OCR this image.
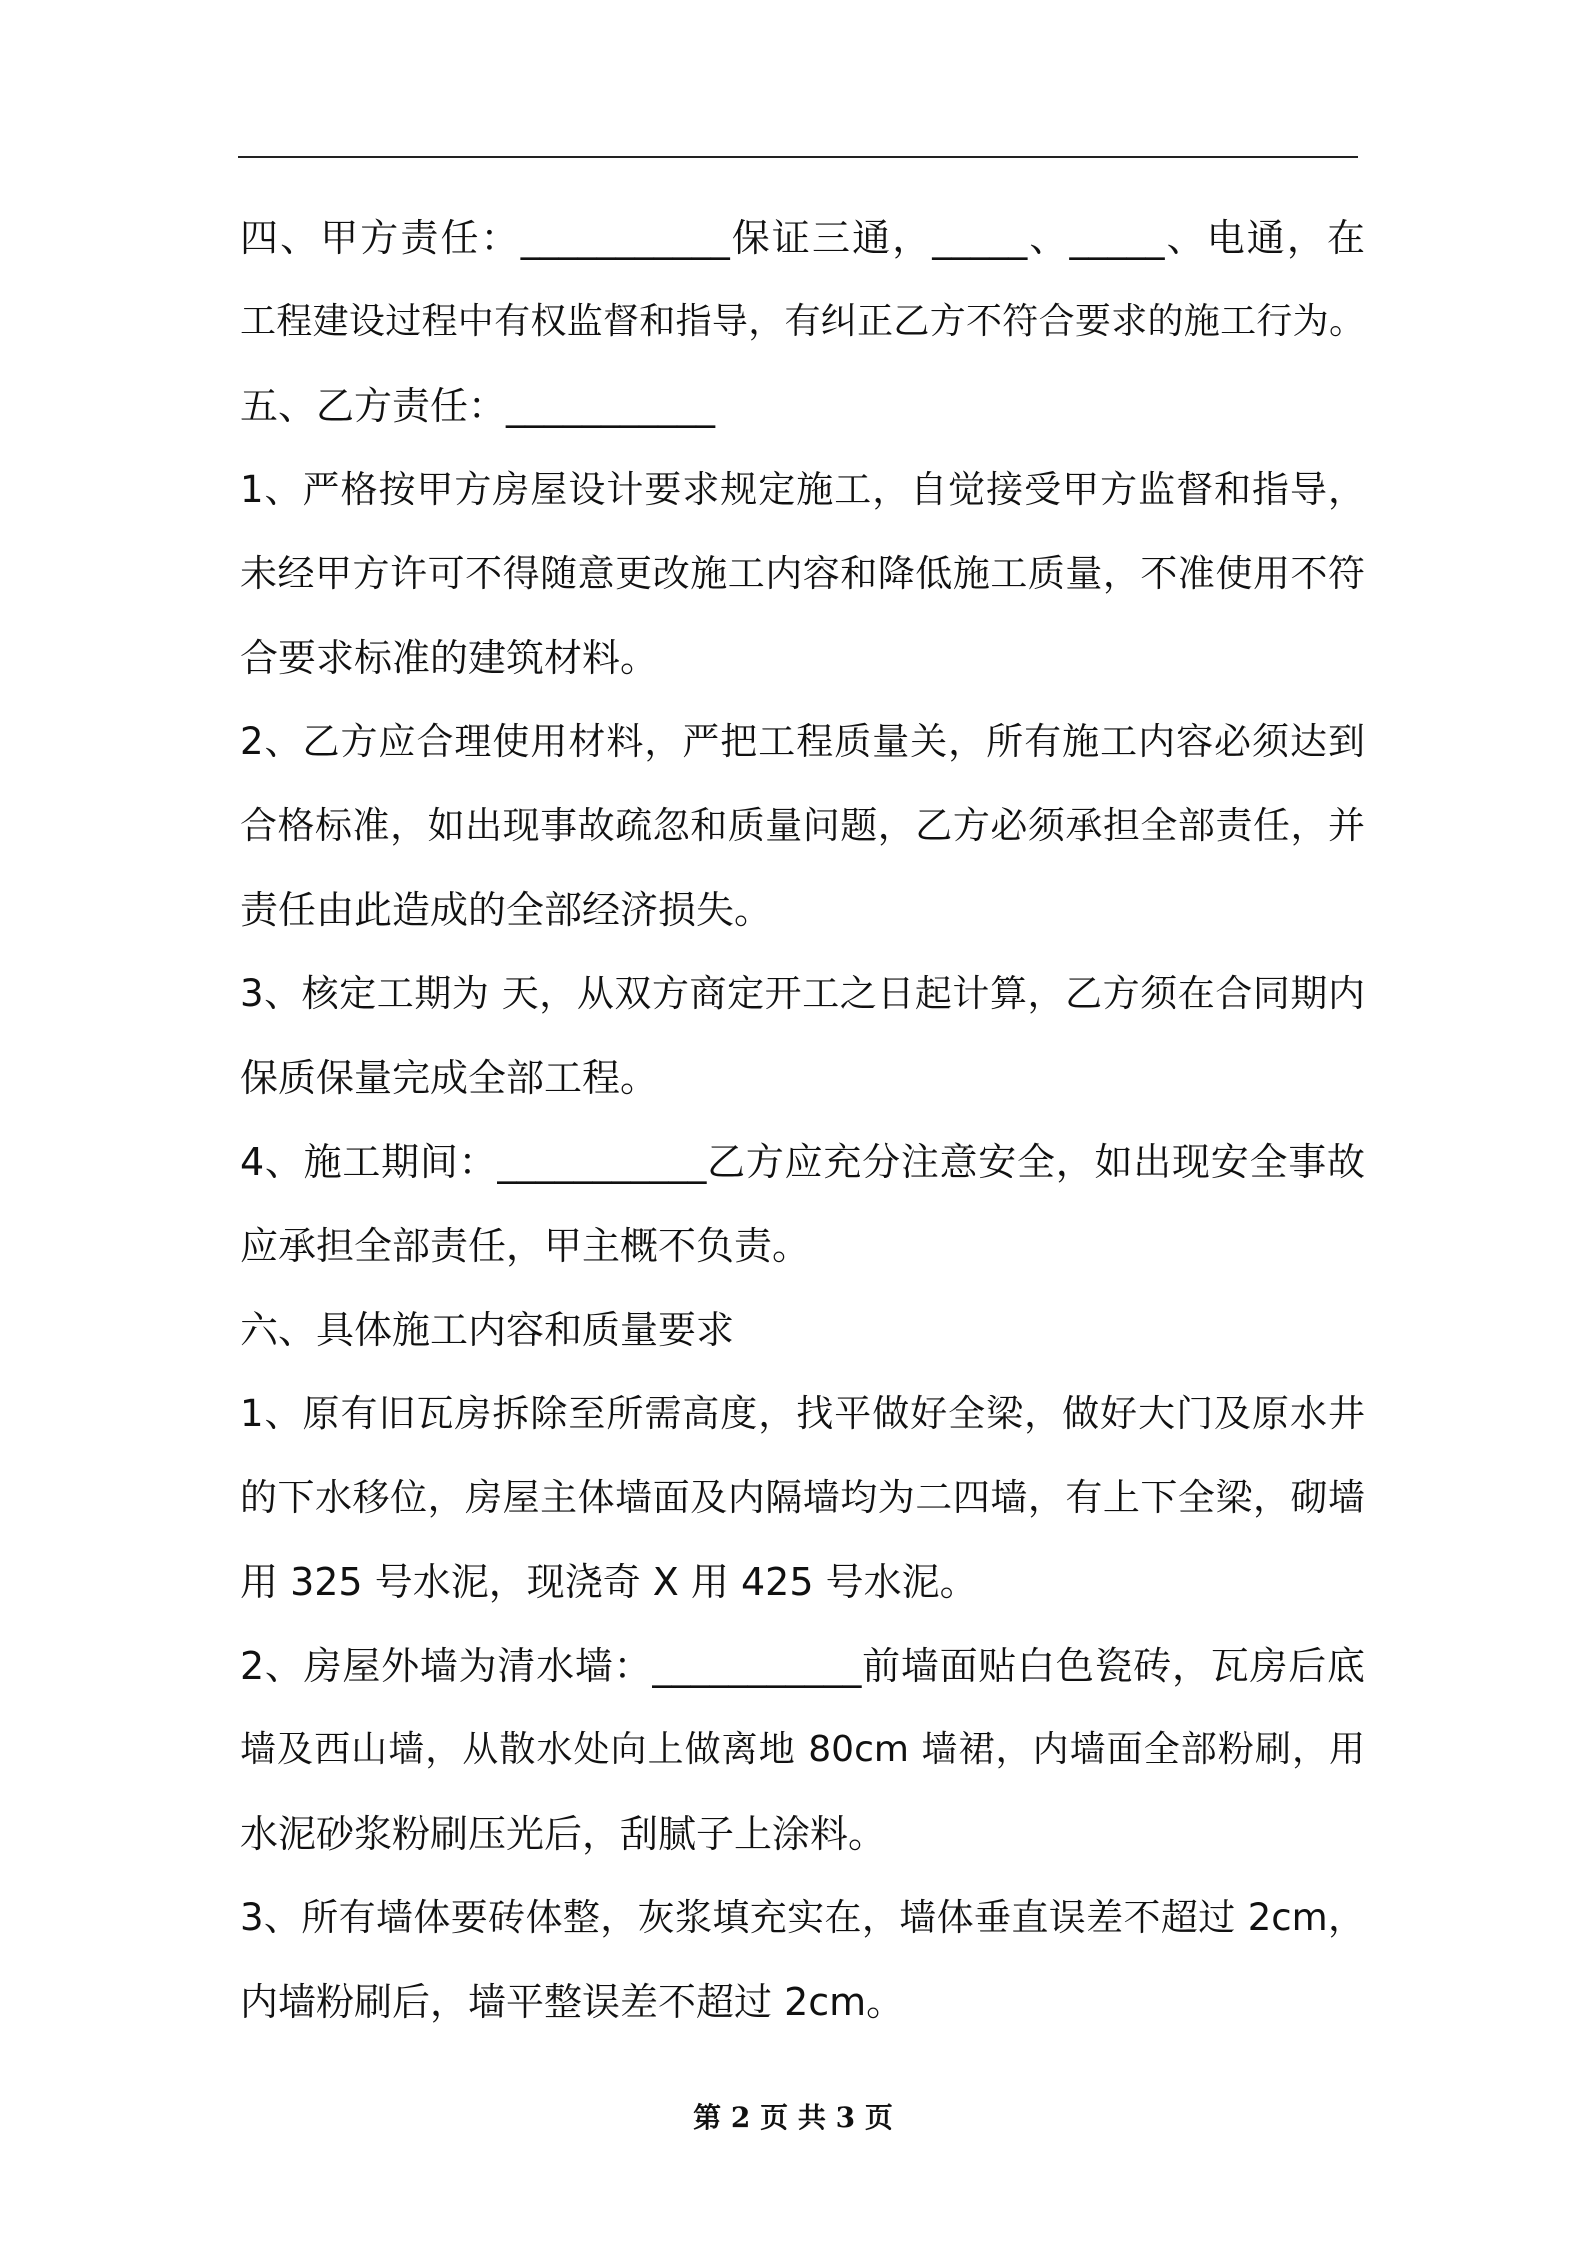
四、甲方责任：___________保证三通，_____、_____、电通，在
工程建设过程中有权监督和指导，有纠正乙方不符合要求的施工行为。
五、乙方责任：___________
1、严格按甲方房屋设计要求规定施工，自觉接受甲方监督和指导，
未经甲方许可不得随意更改施工内容和降低施工质量，不准使用不符
合要求标准的建筑材料。
2、乙方应合理使用材料，严把工程质量关，所有施工内容必须达到
合格标准，如出现事故疏忽和质量问题，乙方必须承担全部责任，并
责任由此造成的全部经济损失。
3、核定工期为 天，从双方商定开工之日起计算，乙方须在合同期内
保质保量完成全部工程。
4、施工期间：___________乙方应充分注意安全，如出现安全事故
应承担全部责任，甲主概不负责。
六、具体施工内容和质量要求
1、原有旧瓦房拆除至所需高度，找平做好全梁，做好大门及原水井
的下水移位，房屋主体墙面及内隔墙均为二四墙，有上下全梁，砌墙
用 325 号水泥，现浇奇 X 用 425 号水泥。
2、房屋外墙为清水墙：___________前墙面贴白色瓷砖，瓦房后底
墙及西山墙，从散水处向上做离地 80cm 墙裙，内墙面全部粉刷，用
水泥砂浆粉刷压光后，刮腻子上涂料。
3、所有墙体要砖体整，灰浆填充实在，墙体垂直误差不超过 2cm，
内墙粉刷后，墙平整误差不超过 2cm。
第 2 页 共 3 页
